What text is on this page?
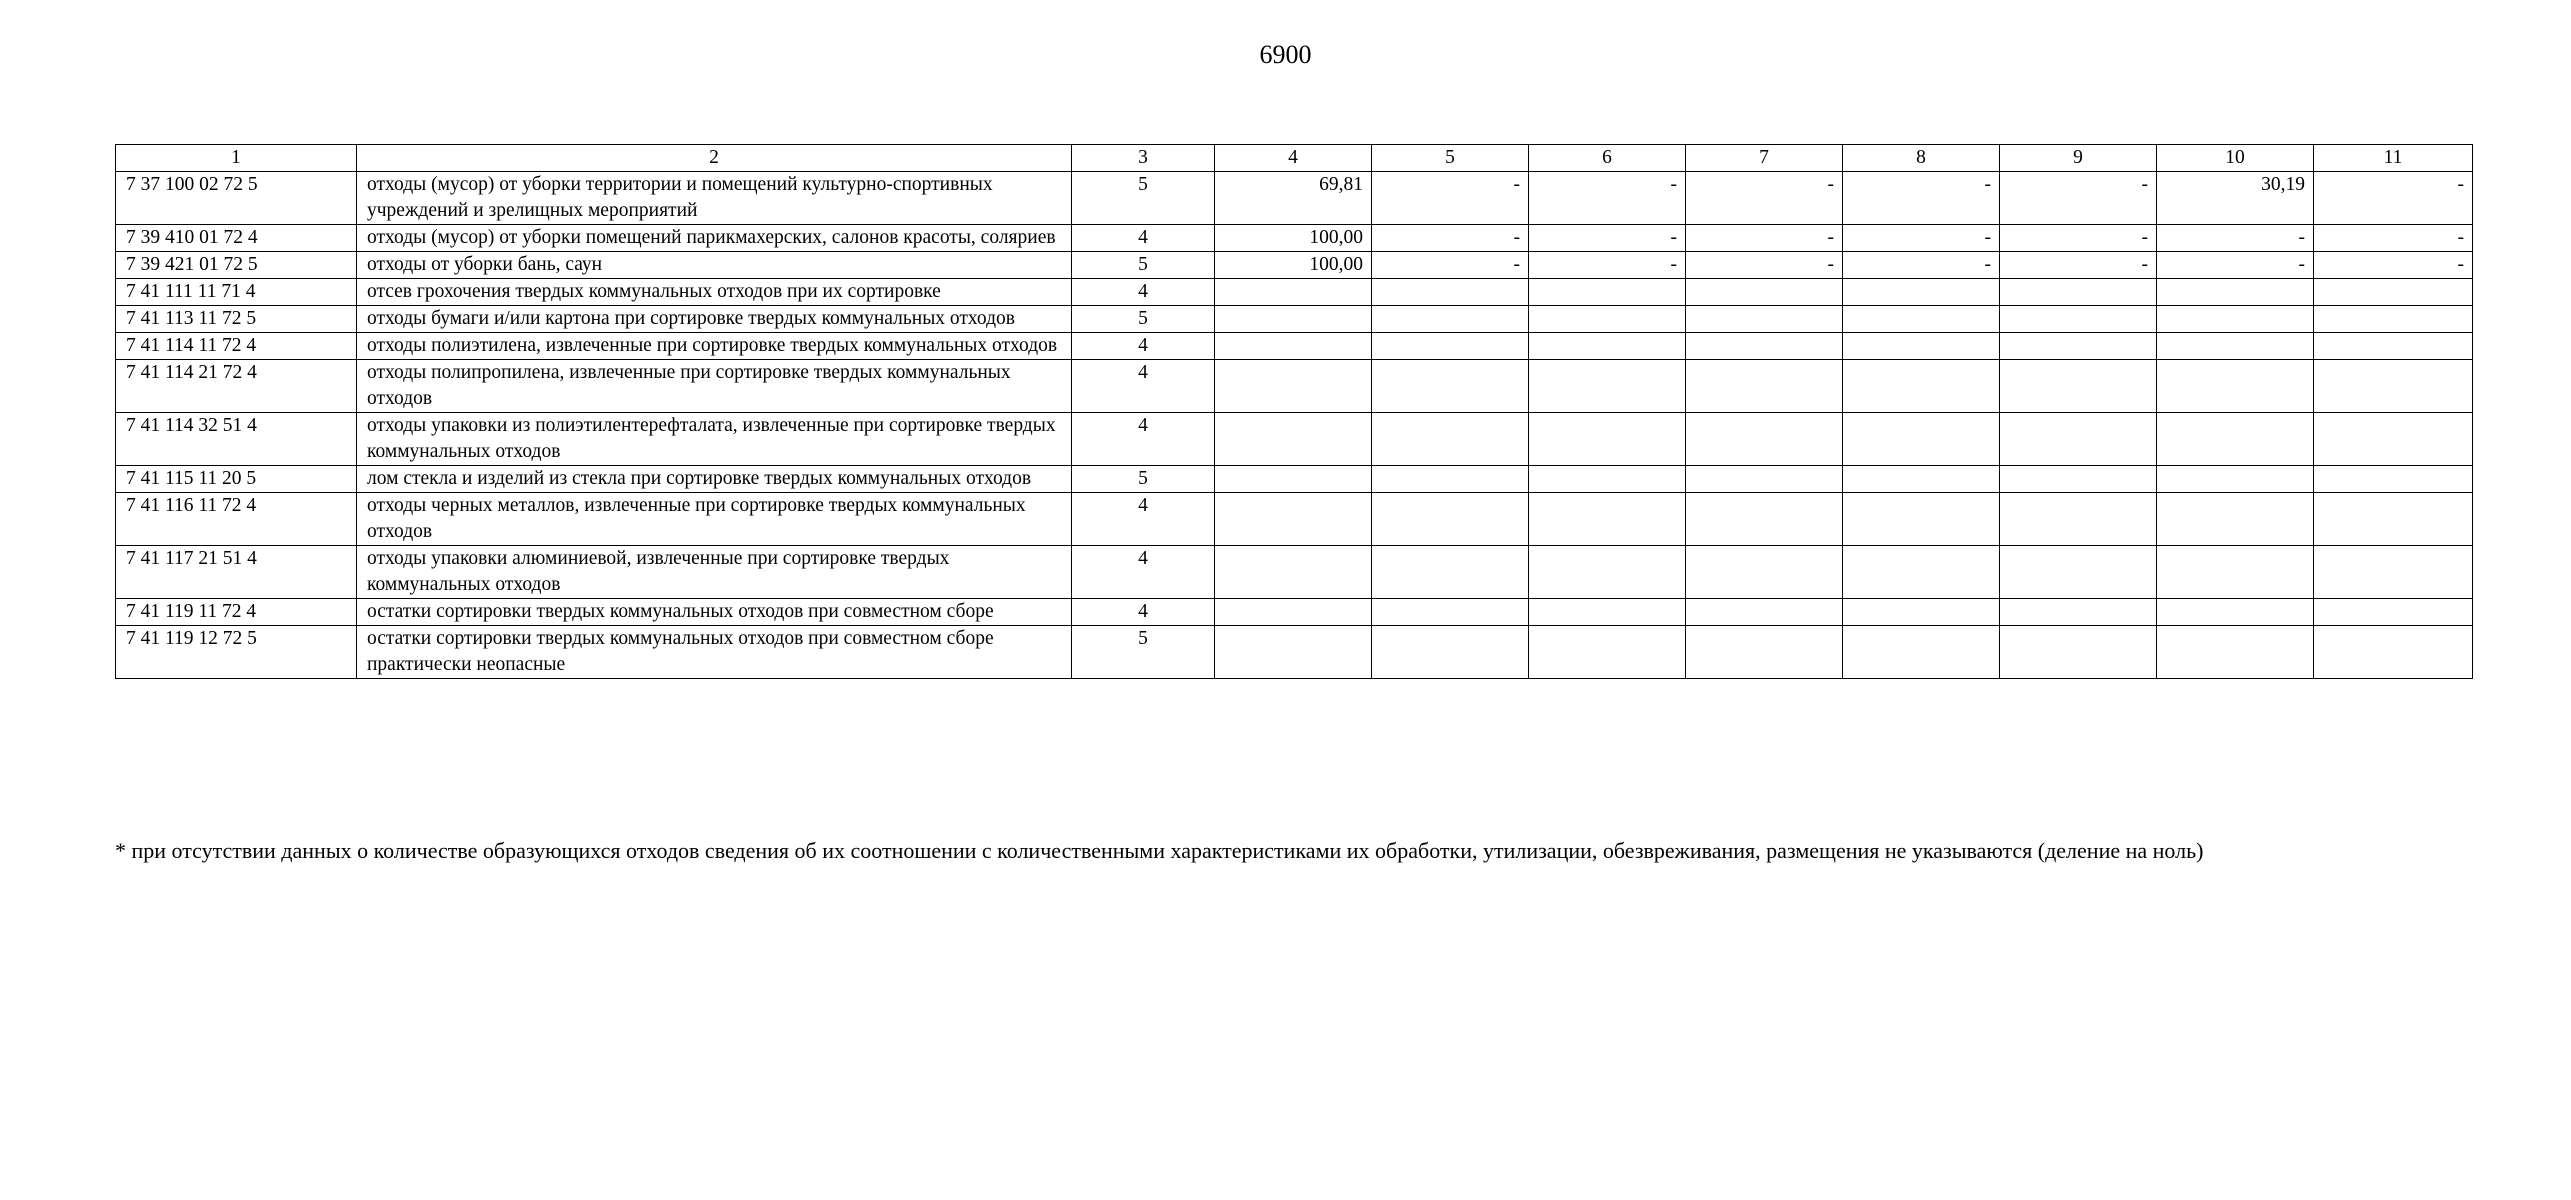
6900
1	2	3	4	5	6	7	8	9	10	11
7 37 100 02 72 5	отходы (мусор) от уборки территории и помещений культурно-спортивных учреждений и зрелищных мероприятий	5	69,81	-	-	-	-	-	30,19	-
7 39 410 01 72 4	отходы (мусор) от уборки помещений парикмахерских, салонов красоты, соляриев	4	100,00	-	-	-	-	-	-	-
7 39 421 01 72 5	отходы от уборки бань, саун	5	100,00	-	-	-	-	-	-	-
7 41 111 11 71 4	отсев грохочения твердых коммунальных отходов при их сортировке	4								
7 41 113 11 72 5	отходы бумаги и/или картона при сортировке твердых коммунальных отходов	5								
7 41 114 11 72 4	отходы полиэтилена, извлеченные при сортировке твердых коммунальных отходов	4								
7 41 114 21 72 4	отходы полипропилена, извлеченные при сортировке твердых коммунальных отходов	4								
7 41 114 32 51 4	отходы упаковки из полиэтилентерефталата, извлеченные при сортировке твердых коммунальных отходов	4								
7 41 115 11 20 5	лом стекла и изделий из стекла при сортировке твердых коммунальных отходов	5								
7 41 116 11 72 4	отходы черных металлов, извлеченные при сортировке твердых коммунальных отходов	4								
7 41 117 21 51 4	отходы упаковки алюминиевой, извлеченные при сортировке твердых коммунальных отходов	4								
7 41 119 11 72 4	остатки сортировки твердых коммунальных отходов при совместном сборе	4								
7 41 119 12 72 5	остатки сортировки твердых коммунальных отходов при совместном сборе практически неопасные	5								
* при отсутствии данных о количестве образующихся отходов сведения об их соотношении с количественными характеристиками их обработки, утилизации, обезвреживания, размещения не указываются (деление на ноль)
